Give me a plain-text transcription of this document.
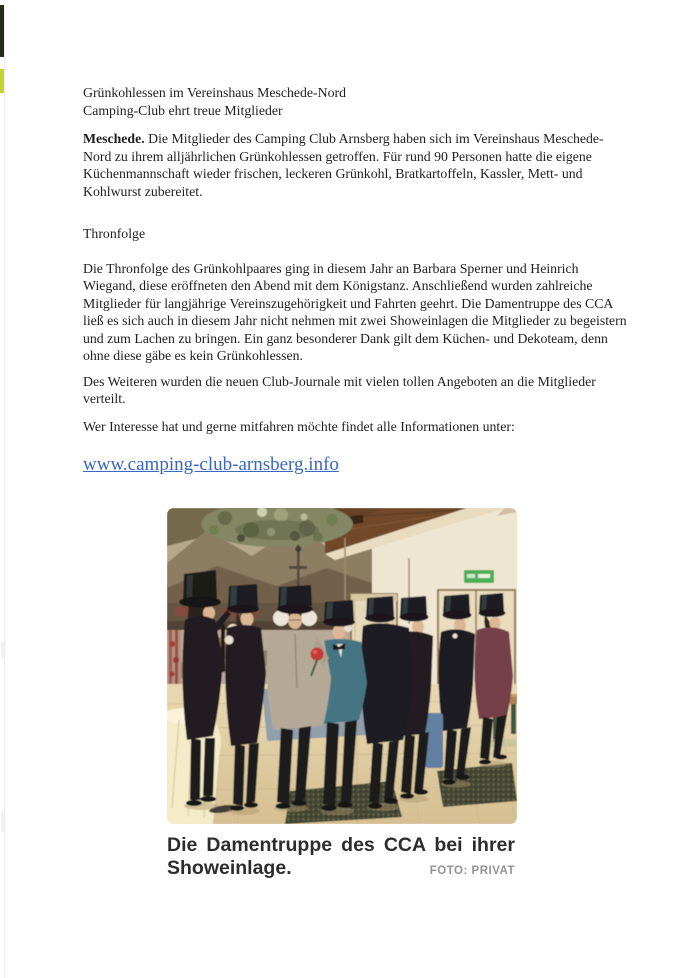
Grünkohlessen im Vereinshaus Meschede-Nord
Camping-Club ehrt treue Mitglieder

Meschede. Die Mitglieder des Camping Club Arnsberg haben sich im Vereinshaus Meschede-Nord zu ihrem alljährlichen Grünkohlessen getroffen. Für rund 90 Personen hatte die eigene Küchenmannschaft wieder frischen, leckeren Grünkohl, Bratkartoffeln, Kassler, Mett- und Kohlwurst zubereitet.

Thronfolge

Die Thronfolge des Grünkohlpaares ging in diesem Jahr an Barbara Sperner und Heinrich Wiegand, diese eröffneten den Abend mit dem Königstanz. Anschließend wurden zahlreiche Mitglieder für langjährige Vereinszugehörigkeit und Fahrten geehrt. Die Damentruppe des CCA ließ es sich auch in diesem Jahr nicht nehmen mit zwei Showeinlagen die Mitglieder zu begeistern und zum Lachen zu bringen. Ein ganz besonderer Dank gilt dem Küchen- und Dekoteam, denn ohne diese gäbe es kein Grünkohlessen.

Des Weiteren wurden die neuen Club-Journale mit vielen tollen Angeboten an die Mitglieder verteilt.

Wer Interesse hat und gerne mitfahren möchte findet alle Informationen unter:

www.camping-club-arnsberg.info
Die Damentruppe des CCA bei ihrer
Showeinlage.	FOTO: PRIVAT
